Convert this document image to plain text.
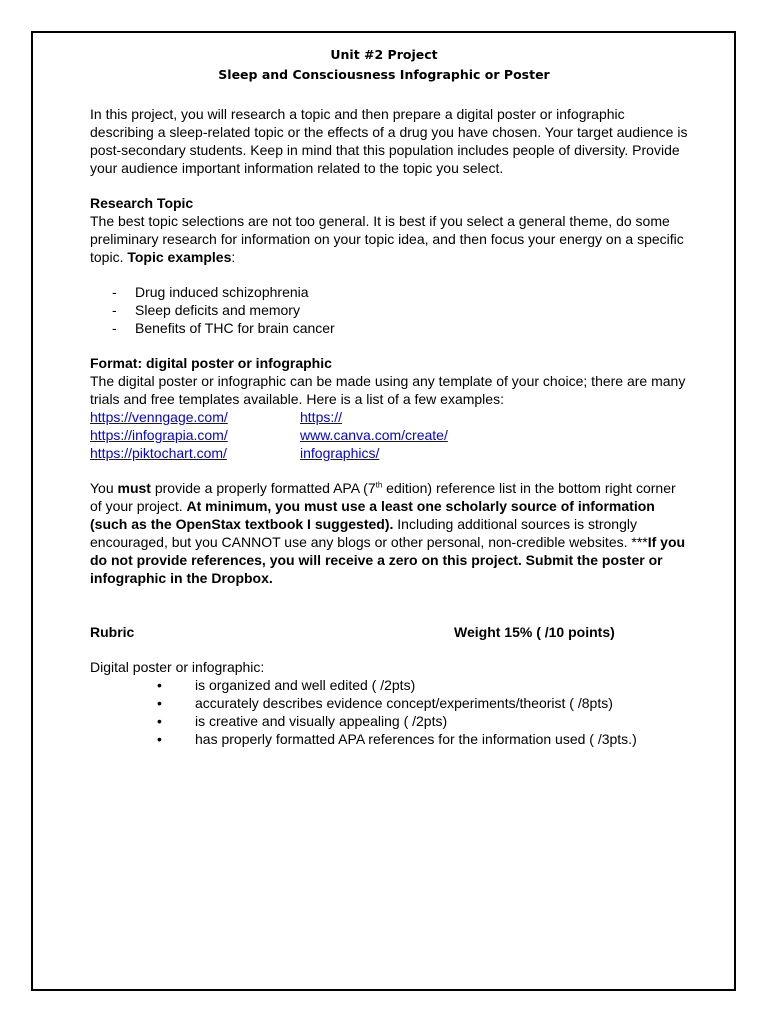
Unit #2 Project
Sleep and Consciousness Infographic or Poster

In this project, you will research a topic and then prepare a digital poster or infographic describing a sleep-related topic or the effects of a drug you have chosen. Your target audience is post-secondary students. Keep in mind that this population includes people of diversity. Provide your audience important information related to the topic you select.

Research Topic

The best topic selections are not too general. It is best if you select a general theme, do some preliminary research for information on your topic idea, and then focus your energy on a specific topic. Topic examples:

- Drug induced schizophrenia
- Sleep deficits and memory
- Benefits of THC for brain cancer
Format: digital poster or infographic

The digital poster or infographic can be made using any template of your choice; there are many trials and free templates available. Here is a list of a few examples:

https://venngage.com/	https://
https://infograpia.com/	www.canva.com/create/
https://piktochart.com/	infographics/

You must provide a properly formatted APA (7th edition) reference list in the bottom right corner of your project. At minimum, you must use a least one scholarly source of information (such as the OpenStax textbook I suggested). Including additional sources is strongly encouraged, but you CANNOT use any blogs or other personal, non-credible websites. ***If you do not provide references, you will receive a zero on this project. Submit the poster or infographic in the Dropbox.

Rubric	Weight 15% ( /10 points)

Digital poster or infographic:

• is organized and well edited ( /2pts)
• accurately describes evidence concept/experiments/theorist ( /8pts)
• is creative and visually appealing ( /2pts)
• has properly formatted APA references for the information used ( /3pts.)
